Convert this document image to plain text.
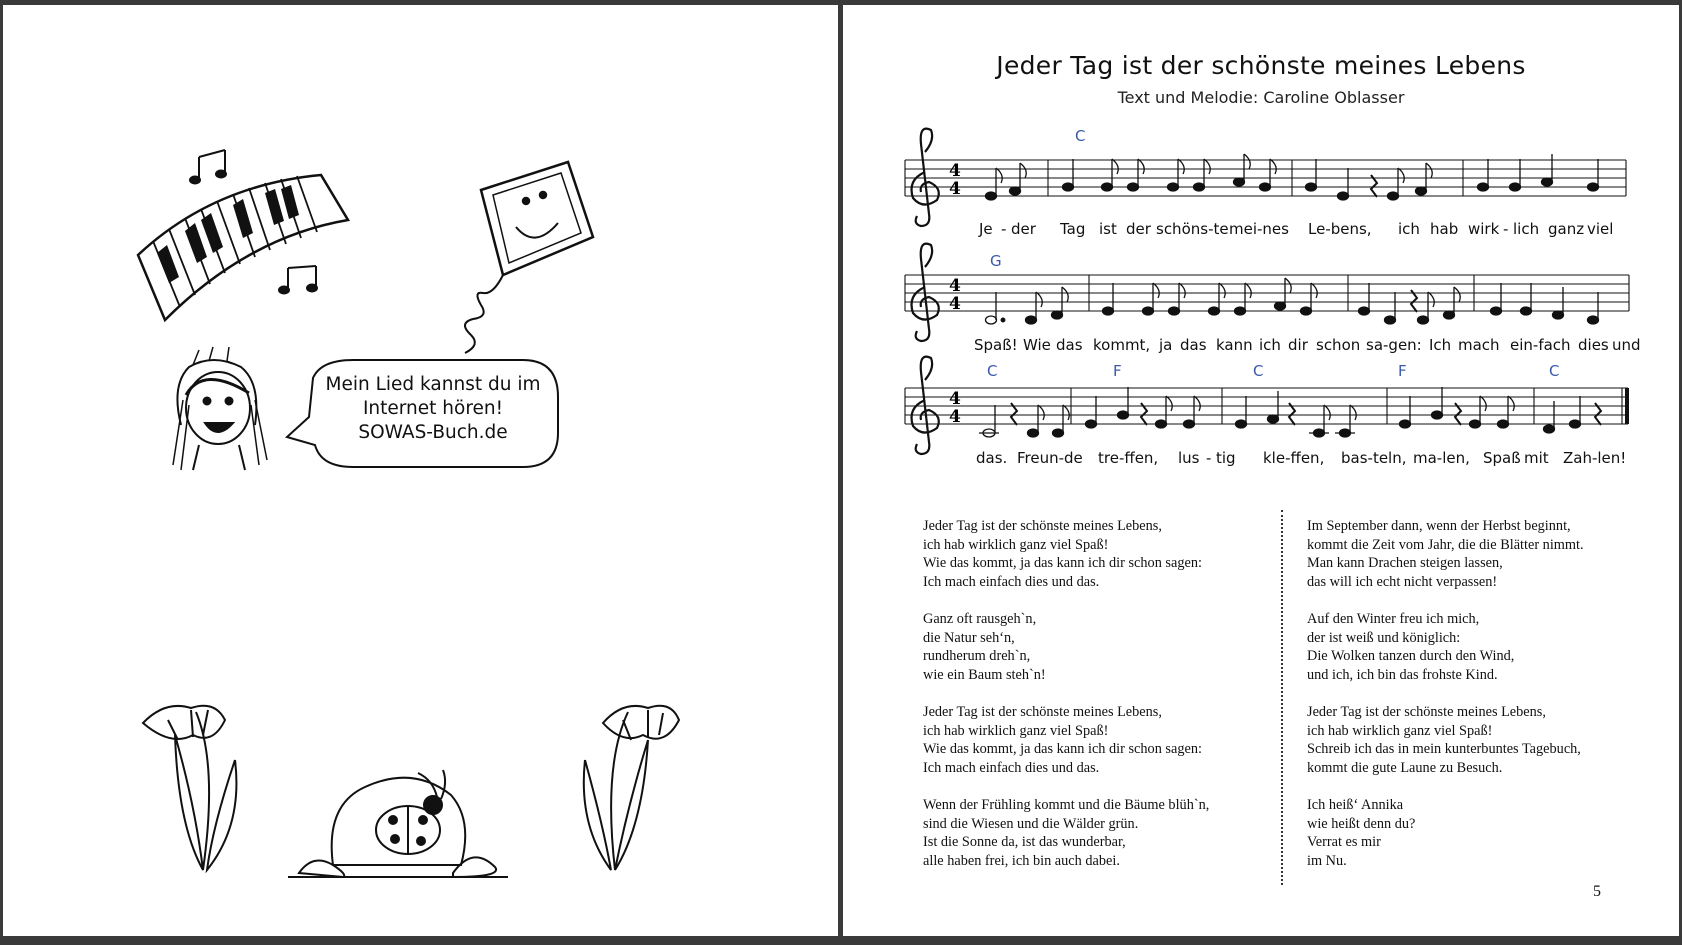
Mein Lied kannst du im
Internet hören!
SOWAS-Buch.de
Jeder Tag ist der schönste meines Lebens
Text und Melodie: Caroline Oblasser
4
4
4
4
4
4
C
G
C	F	C	F	C
Je - der Tag ist der schöns-te mei-nes Le-bens, ich hab wirk - lich ganz viel
Spaß! Wie das kommt, ja das kann ich dir schon sa-gen: Ich mach ein-fach dies und
das. Freun-de tre-ffen, lus - tig kle-ffen, bas-teln, ma-len, Spaß mit Zah-len!
Jeder Tag ist der schönste meines Lebens,
ich hab wirklich ganz viel Spaß!
Wie das kommt, ja das kann ich dir schon sagen:
Ich mach einfach dies und das.
Ganz oft rausgeh`n,
die Natur seh‘n,
rundherum dreh`n,
wie ein Baum steh`n!
Jeder Tag ist der schönste meines Lebens,
ich hab wirklich ganz viel Spaß!
Wie das kommt, ja das kann ich dir schon sagen:
Ich mach einfach dies und das.
Wenn der Frühling kommt und die Bäume blüh`n,
sind die Wiesen und die Wälder grün.
Ist die Sonne da, ist das wunderbar,
alle haben frei, ich bin auch dabei.
Im September dann, wenn der Herbst beginnt,
kommt die Zeit vom Jahr, die die Blätter nimmt.
Man kann Drachen steigen lassen,
das will ich echt nicht verpassen!
Auf den Winter freu ich mich,
der ist weiß und königlich:
Die Wolken tanzen durch den Wind,
und ich, ich bin das frohste Kind.
Jeder Tag ist der schönste meines Lebens,
ich hab wirklich ganz viel Spaß!
Schreib ich das in mein kunterbuntes Tagebuch,
kommt die gute Laune zu Besuch.
Ich heiß‘ Annika
wie heißt denn du?
Verrat es mir
im Nu.
5
